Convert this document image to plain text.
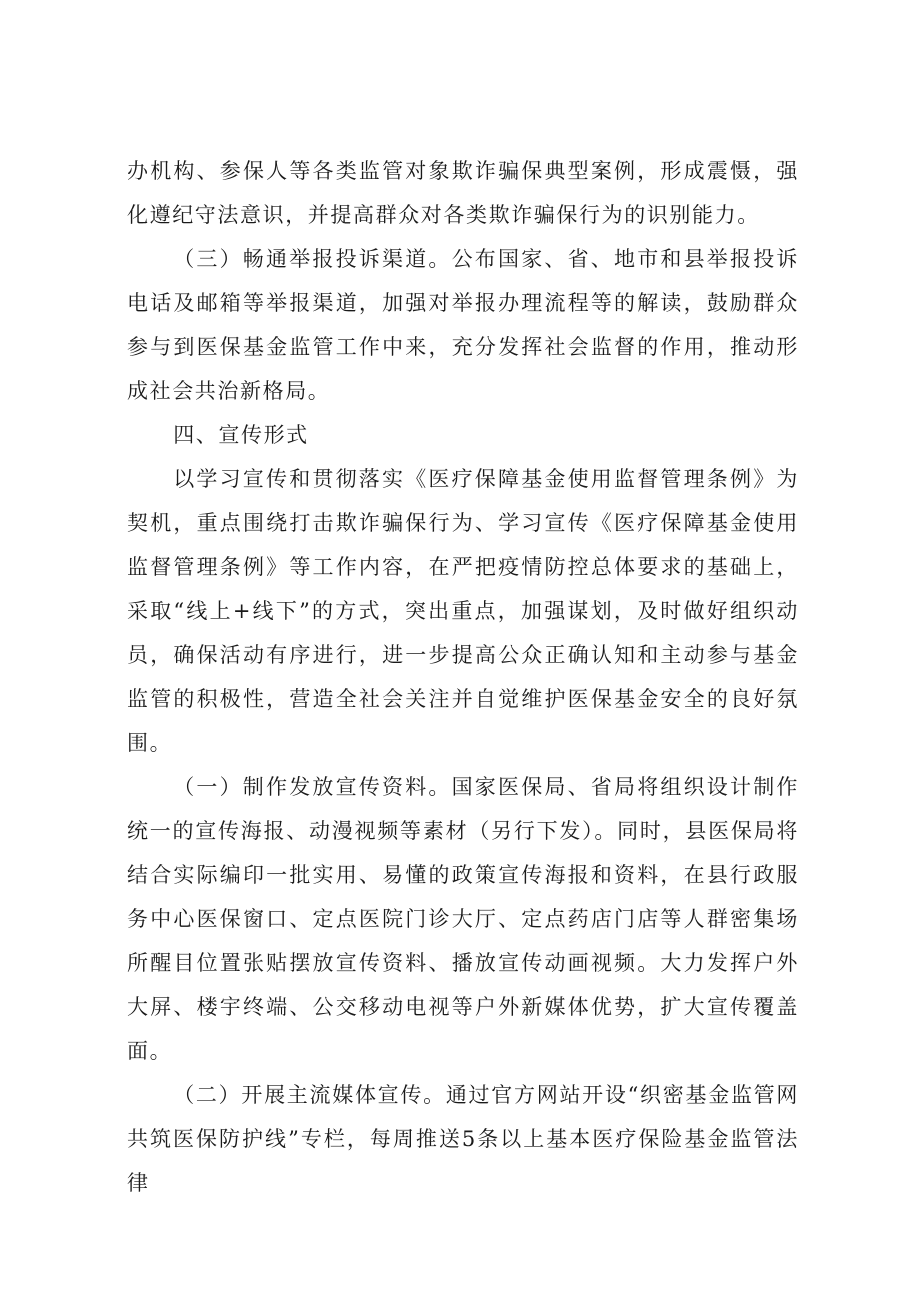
办机构、参保人等各类监管对象欺诈骗保典型案例，形成震慑，强化遵纪守法意识，并提高群众对各类欺诈骗保行为的识别能力。

（三）畅通举报投诉渠道。公布国家、省、地市和县举报投诉电话及邮箱等举报渠道，加强对举报办理流程等的解读，鼓励群众参与到医保基金监管工作中来，充分发挥社会监督的作用，推动形成社会共治新格局。

四、宣传形式

以学习宣传和贯彻落实《医疗保障基金使用监督管理条例》为契机，重点围绕打击欺诈骗保行为、学习宣传《医疗保障基金使用监督管理条例》等工作内容，在严把疫情防控总体要求的基础上，采取“线上+线下”的方式，突出重点，加强谋划，及时做好组织动员，确保活动有序进行，进一步提高公众正确认知和主动参与基金监管的积极性，营造全社会关注并自觉维护医保基金安全的良好氛围。

（一）制作发放宣传资料。国家医保局、省局将组织设计制作统一的宣传海报、动漫视频等素材（另行下发）。同时，县医保局将结合实际编印一批实用、易懂的政策宣传海报和资料，在县行政服务中心医保窗口、定点医院门诊大厅、定点药店门店等人群密集场所醒目位置张贴摆放宣传资料、播放宣传动画视频。大力发挥户外大屏、楼宇终端、公交移动电视等户外新媒体优势，扩大宣传覆盖面。

（二）开展主流媒体宣传。通过官方网站开设“织密基金监管网共筑医保防护线”专栏，每周推送5条以上基本医疗保险基金监管法律
